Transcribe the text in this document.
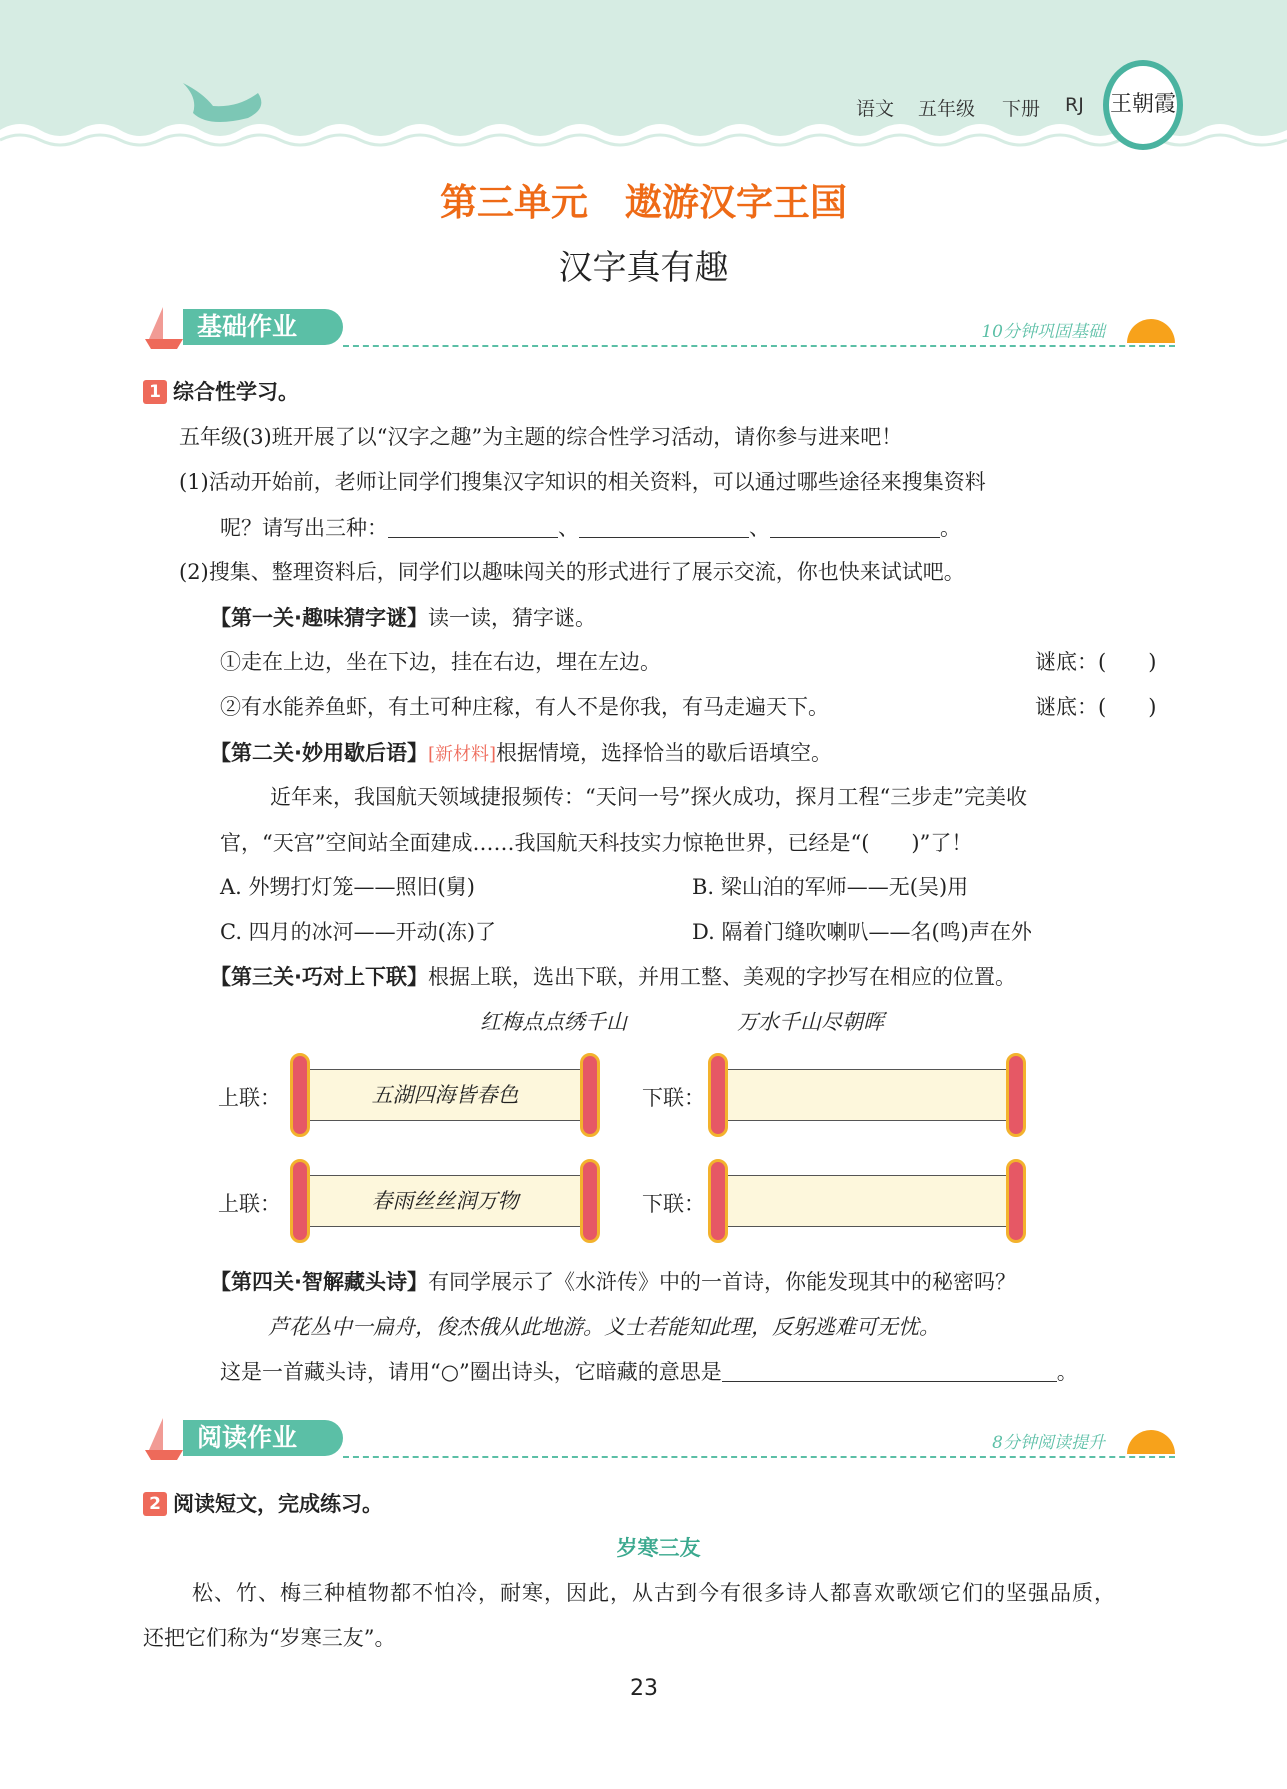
语文 五年级 下册 RJ	王朝霞
第三单元　遨游汉字王国
汉字真有趣
基础作业	10分钟巩固基础
1 综合性学习。
五年级(3)班开展了以“汉字之趣”为主题的综合性学习活动，请你参与进来吧！
(1)活动开始前，老师让同学们搜集汉字知识的相关资料，可以通过哪些途径来搜集资料
呢？请写出三种：	、	、	。
(2)搜集、整理资料后，同学们以趣味闯关的形式进行了展示交流，你也快来试试吧。
【第一关·趣味猜字谜】读一读，猜字谜。
①走在上边，坐在下边，挂在右边，埋在左边。	谜底：(　　)
②有水能养鱼虾，有土可种庄稼，有人不是你我，有马走遍天下。	谜底：(　　)
【第二关·妙用歇后语】[新材料]根据情境，选择恰当的歇后语填空。
近年来，我国航天领域捷报频传：“天问一号”探火成功，探月工程“三步走”完美收
官，“天宫”空间站全面建成……我国航天科技实力惊艳世界，已经是“(　　)”了！
A. 外甥打灯笼——照旧(舅)	B. 梁山泊的军师——无(吴)用
C. 四月的冰河——开动(冻)了	D. 隔着门缝吹喇叭——名(鸣)声在外
【第三关·巧对上下联】根据上联，选出下联，并用工整、美观的字抄写在相应的位置。
红梅点点绣千山	万水千山尽朝晖
上联：	五湖四海皆春色	下联：
上联：	春雨丝丝润万物	下联：
【第四关·智解藏头诗】有同学展示了《水浒传》中的一首诗，你能发现其中的秘密吗？
芦花丛中一扁舟，俊杰俄从此地游。义士若能知此理，反躬逃难可无忧。
这是一首藏头诗，请用“○”圈出诗头，它暗藏的意思是	。
阅读作业	8分钟阅读提升
2 阅读短文，完成练习。
岁寒三友
松、竹、梅三种植物都不怕冷，耐寒，因此，从古到今有很多诗人都喜欢歌颂它们的坚强品质，
还把它们称为“岁寒三友”。
23
